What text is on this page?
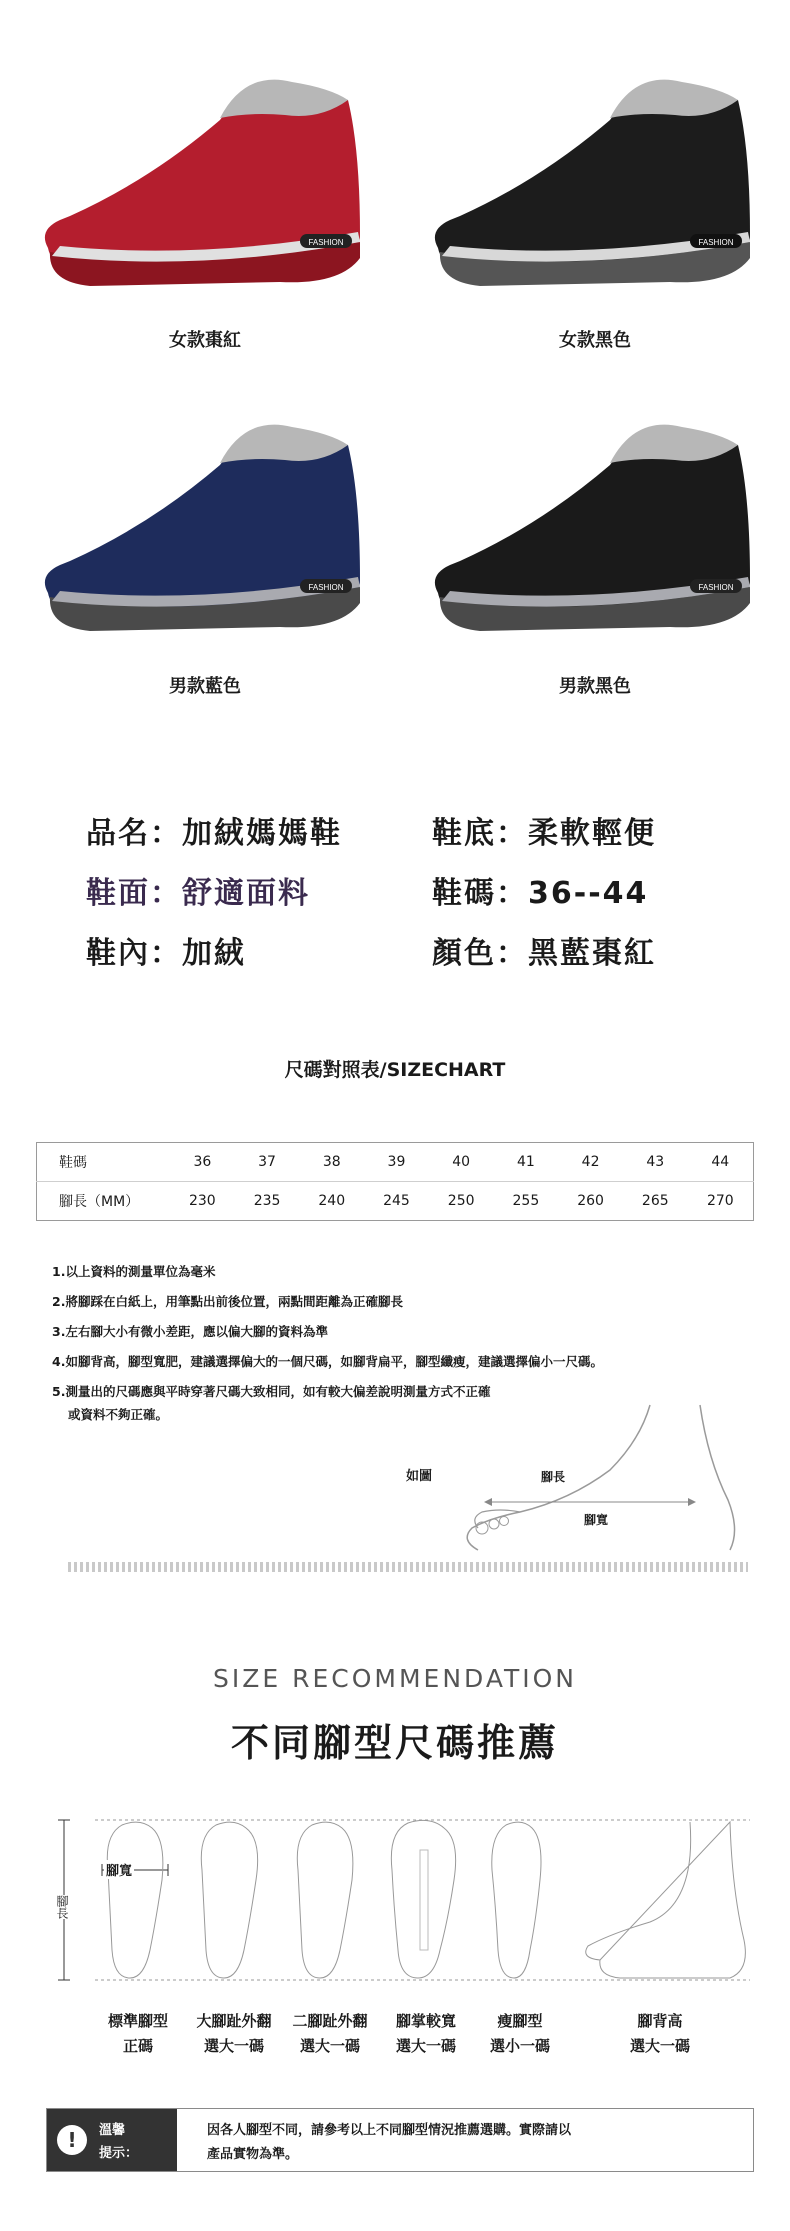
FASHION	FASHION
女款棗紅	女款黑色
FASHION	FASHION
男款藍色	男款黑色
品名：加絨媽媽鞋	鞋底：柔軟輕便
鞋面：舒適面料	鞋碼：36--44
鞋內：加絨	顏色：黑藍棗紅
尺碼對照表/SIZECHART
鞋碼	36	37	38	39	40	41	42	43	44
腳長（MM）	230	235	240	245	250	255	260	265	270
1.以上資料的測量單位為毫米
2.將腳踩在白紙上，用筆點出前後位置，兩點間距離為正確腳長
3.左右腳大小有微小差距，應以偏大腳的資料為準
4.如腳背高，腳型寬肥，建議選擇偏大的一個尺碼，如腳背扁平，腳型纖瘦，建議選擇偏小一尺碼。
5.測量出的尺碼應與平時穿著尺碼大致相同，如有較大偏差說明測量方式不正確
或資料不夠正確。
如圖	腳長
腳寬
SIZE RECOMMENDATION
不同腳型尺碼推薦
腳寬
腳長
標準腳型	大腳趾外翻	二腳趾外翻	腳掌較寬	瘦腳型	腳背高
正碼	選大一碼	選大一碼	選大一碼	選小一碼	選大一碼
!	溫馨
提示：
因各人腳型不同，請參考以上不同腳型情況推薦選購。實際請以
產品實物為準。
